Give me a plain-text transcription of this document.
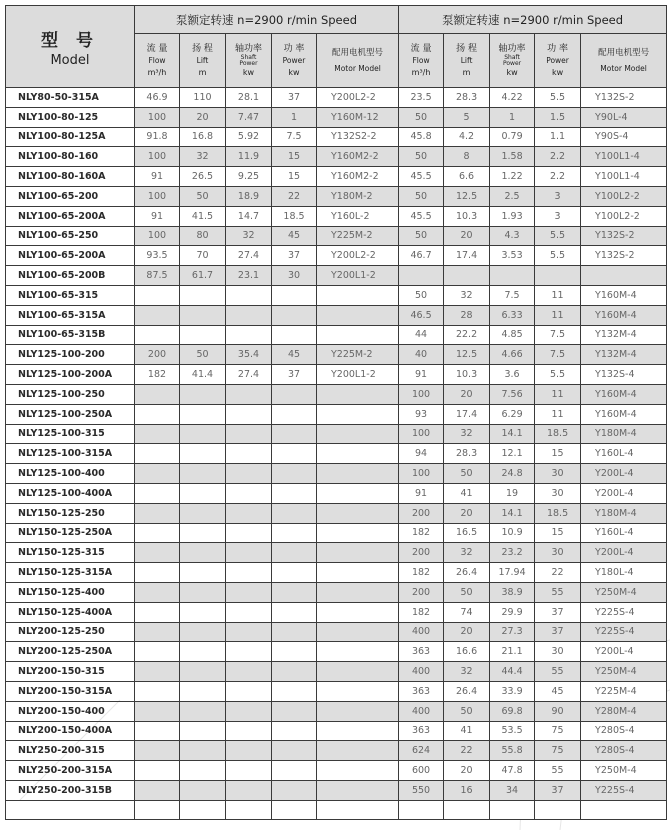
型 号
Model	泵额定转速 n=2900 r/min Speed					泵额定转速 n=2900 r/min Speed				

	流 量
Flow
m³/h	扬 程
Lift
m	轴功率
Shaft
Power
kw	功 率
Power
kw	配用电机型号
Motor Model	流 量
Flow
m³/h	扬 程
Lift
m	轴功率
Shaft
Power
kw	功 率
Power
kw	配用电机型号
Motor Model

NLY80-50-315A	46.9	110	28.1	37	Y200L2-2	23.5	28.3	4.22	5.5	Y132S-2
NLY100-80-125	100	20	7.47	1	Y160M-12	50	5	1	1.5	Y90L-4
NLY100-80-125A	91.8	16.8	5.92	7.5	Y132S2-2	45.8	4.2	0.79	1.1	Y90S-4
NLY100-80-160	100	32	11.9	15	Y160M2-2	50	8	1.58	2.2	Y100L1-4
NLY100-80-160A	91	26.5	9.25	15	Y160M2-2	45.5	6.6	1.22	2.2	Y100L1-4
NLY100-65-200	100	50	18.9	22	Y180M-2	50	12.5	2.5	3	Y100L2-2
NLY100-65-200A	91	41.5	14.7	18.5	Y160L-2	45.5	10.3	1.93	3	Y100L2-2
NLY100-65-250	100	80	32	45	Y225M-2	50	20	4.3	5.5	Y132S-2
NLY100-65-200A	93.5	70	27.4	37	Y200L2-2	46.7	17.4	3.53	5.5	Y132S-2
NLY100-65-200B	87.5	61.7	23.1	30	Y200L1-2					
NLY100-65-315						50	32	7.5	11	Y160M-4
NLY100-65-315A						46.5	28	6.33	11	Y160M-4
NLY100-65-315B						44	22.2	4.85	7.5	Y132M-4
NLY125-100-200	200	50	35.4	45	Y225M-2	40	12.5	4.66	7.5	Y132M-4
NLY125-100-200A	182	41.4	27.4	37	Y200L1-2	91	10.3	3.6	5.5	Y132S-4
NLY125-100-250						100	20	7.56	11	Y160M-4
NLY125-100-250A						93	17.4	6.29	11	Y160M-4
NLY125-100-315						100	32	14.1	18.5	Y180M-4
NLY125-100-315A						94	28.3	12.1	15	Y160L-4
NLY125-100-400						100	50	24.8	30	Y200L-4
NLY125-100-400A						91	41	19	30	Y200L-4
NLY150-125-250						200	20	14.1	18.5	Y180M-4
NLY150-125-250A						182	16.5	10.9	15	Y160L-4
NLY150-125-315						200	32	23.2	30	Y200L-4
NLY150-125-315A						182	26.4	17.94	22	Y180L-4
NLY150-125-400						200	50	38.9	55	Y250M-4
NLY150-125-400A						182	74	29.9	37	Y225S-4
NLY200-125-250						400	20	27.3	37	Y225S-4
NLY200-125-250A						363	16.6	21.1	30	Y200L-4
NLY200-150-315						400	32	44.4	55	Y250M-4
NLY200-150-315A						363	26.4	33.9	45	Y225M-4
NLY200-150-400						400	50	69.8	90	Y280M-4
NLY200-150-400A						363	41	53.5	75	Y280S-4
NLY250-200-315						624	22	55.8	75	Y280S-4
NLY250-200-315A						600	20	47.8	55	Y250M-4
NLY250-200-315B						550	16	34	37	Y225S-4
